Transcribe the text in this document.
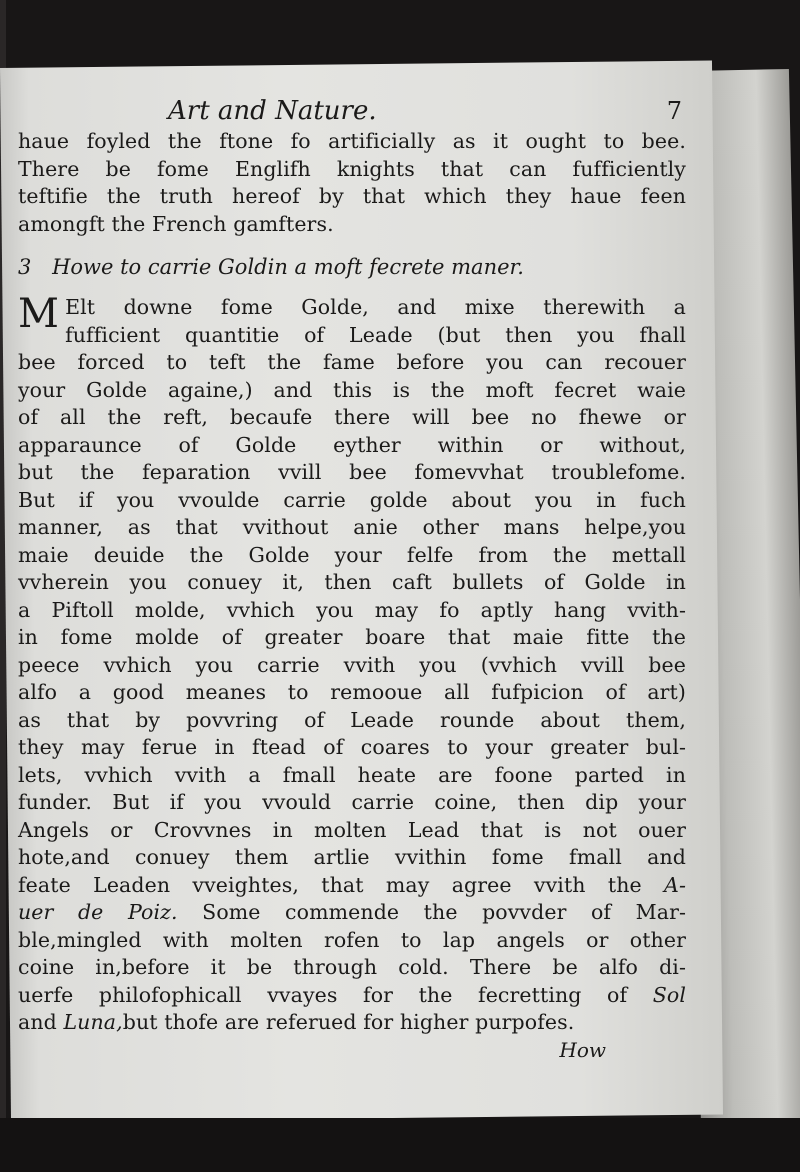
Art and Nature.	7
haue foyled the ftone fo artificially as it ought to bee.
There be fome Englifh knights that can fufficiently
teftifie the truth hereof by that which they haue feen
amongft the French gamfters.
3 Howe to carrie Goldin a moft fecrete maner.
M Elt downe fome Golde, and mixe therewith a
fufficient quantitie of Leade (but then you fhall
bee forced to teft the fame before you can recouer
your Golde againe,) and this is the moft fecret waie
of all the reft, becaufe there will bee no fhewe or
apparaunce of Golde eyther within or without,
but the feparation vvill bee fomevvhat troublefome.
But if you vvoulde carrie golde about you in fuch
manner, as that vvithout anie other mans helpe,you
maie deuide the Golde your felfe from the mettall
vvherein you conuey it, then caft bullets of Golde in
a Piftoll molde, vvhich you may fo aptly hang vvith-
in fome molde of greater boare that maie fitte the
peece vvhich you carrie vvith you (vvhich vvill bee
alfo a good meanes to remooue all fufpicion of art)
as that by povvring of Leade rounde about them,
they may ferue in ftead of coares to your greater bul-
lets, vvhich vvith a fmall heate are foone parted in
funder. But if you vvould carrie coine, then dip your
Angels or Crovvnes in molten Lead that is not ouer
hote,and conuey them artlie vvithin fome fmall and
feate Leaden vveightes, that may agree vvith the A-
uer de Poiz. Some commende the povvder of Mar-
ble,mingled with molten rofen to lap angels or other
coine in,before it be through cold. There be alfo di-
uerfe philofophicall vvayes for the fecretting of Sol
and Luna,but thofe are referued for higher purpofes.
How
